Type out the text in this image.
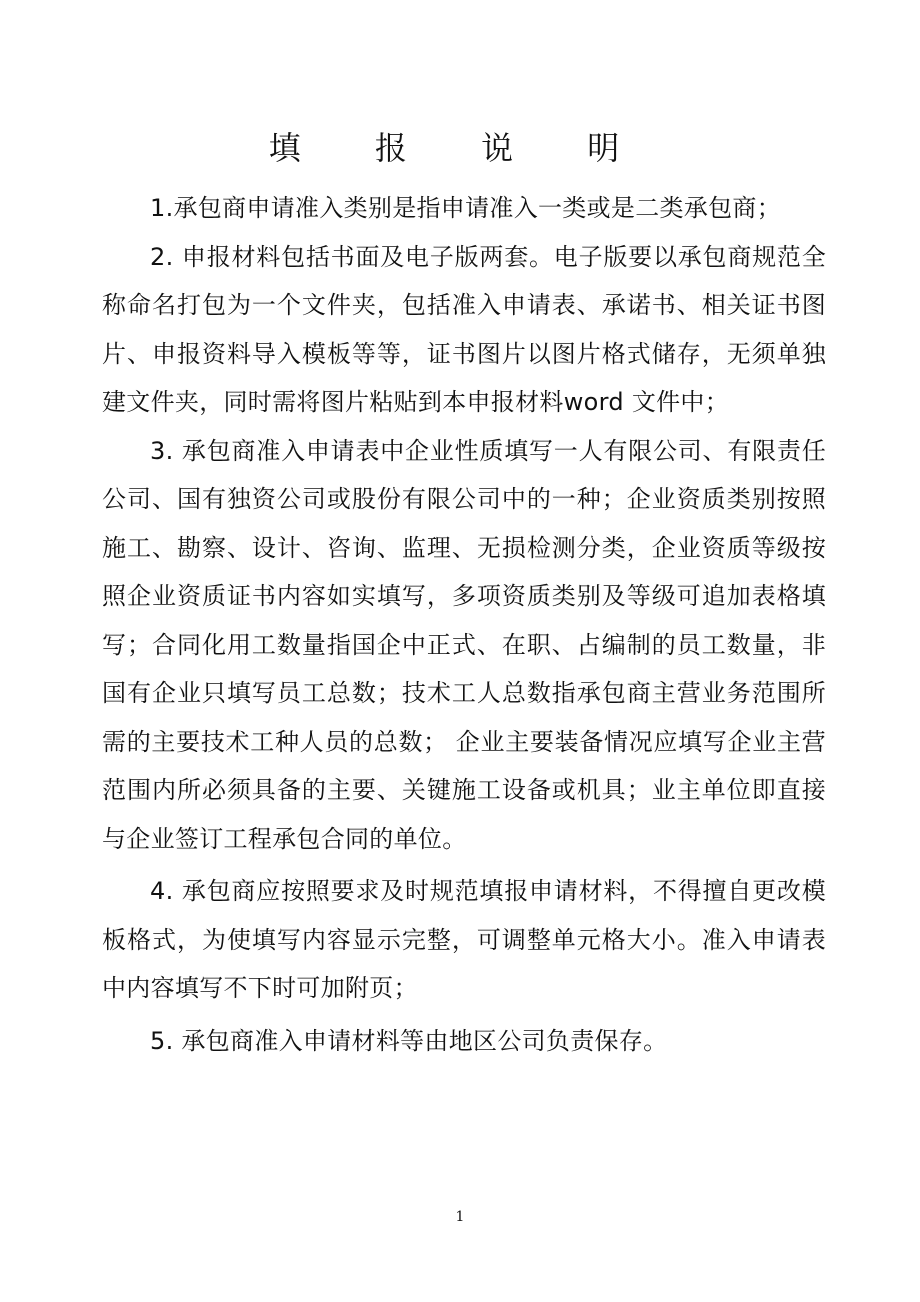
填 报 说 明

1.承包商申请准入类别是指申请准入一类或是二类承包商；

2. 申报材料包括书面及电子版两套。电子版要以承包商规范全称命名打包为一个文件夹，包括准入申请表、承诺书、相关证书图片、申报资料导入模板等等，证书图片以图片格式储存，无须单独建文件夹，同时需将图片粘贴到本申报材料word 文件中；

3. 承包商准入申请表中企业性质填写一人有限公司、有限责任公司、国有独资公司或股份有限公司中的一种；企业资质类别按照施工、勘察、设计、咨询、监理、无损检测分类，企业资质等级按照企业资质证书内容如实填写，多项资质类别及等级可追加表格填写；合同化用工数量指国企中正式、在职、占编制的员工数量，非国有企业只填写员工总数；技术工人总数指承包商主营业务范围所需的主要技术工种人员的总数； 企业主要装备情况应填写企业主营范围内所必须具备的主要、关键施工设备或机具；业主单位即直接与企业签订工程承包合同的单位。

4. 承包商应按照要求及时规范填报申请材料，不得擅自更改模板格式，为使填写内容显示完整，可调整单元格大小。准入申请表中内容填写不下时可加附页；

5. 承包商准入申请材料等由地区公司负责保存。

1
